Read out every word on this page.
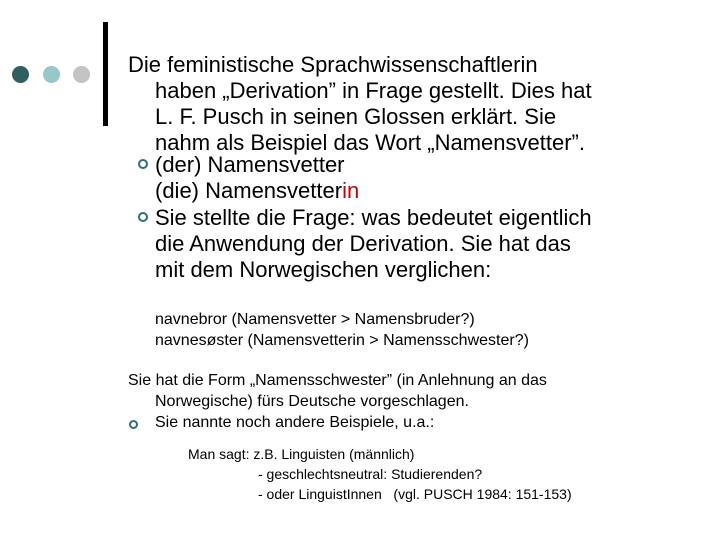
Die feministische Sprachwissenschaftlerin
haben „Derivation” in Frage gestellt. Dies hat
L. F. Pusch in seinen Glossen erklärt. Sie
nahm als Beispiel das Wort „Namensvetter”.
(der) Namensvetter
(die) Namensvetterin
Sie stellte die Frage: was bedeutet eigentlich
die Anwendung der Derivation. Sie hat das
mit dem Norwegischen verglichen:
navnebror (Namensvetter > Namensbruder?)
navnesøster (Namensvetterin > Namensschwester?)
Sie hat die Form „Namensschwester” (in Anlehnung an das
Norwegische) fürs Deutsche vorgeschlagen.
Sie nannte noch andere Beispiele, u.a.:
Man sagt: z.B. Linguisten (männlich)
- geschlechtsneutral: Studierenden?
- oder LinguistInnen   (vgl. PUSCH 1984: 151-153)
